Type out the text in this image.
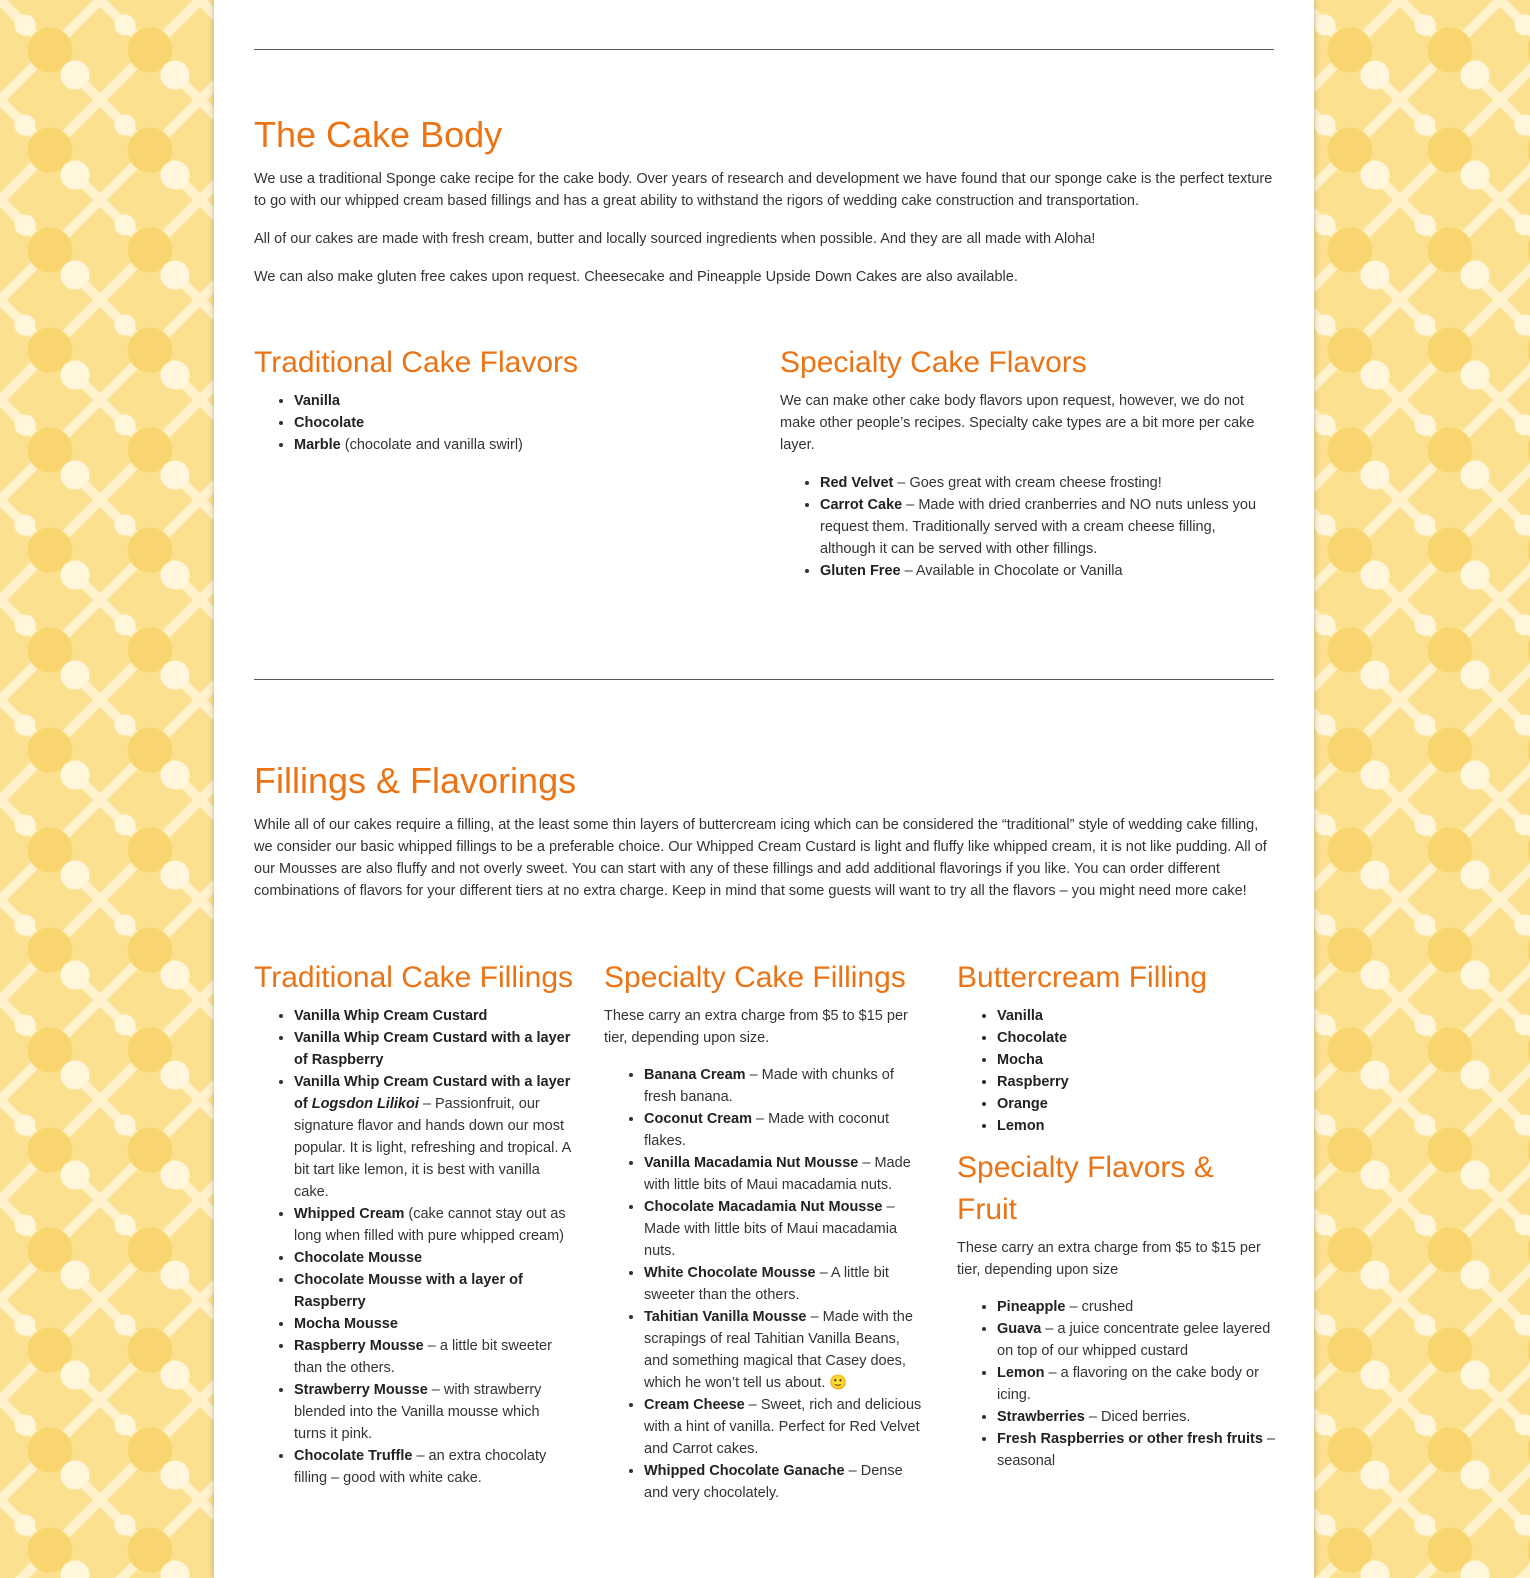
The Cake Body

We use a traditional Sponge cake recipe for the cake body. Over years of research and development we have found that our sponge cake is the perfect texture to go with our whipped cream based fillings and has a great ability to withstand the rigors of wedding cake construction and transportation.

All of our cakes are made with fresh cream, butter and locally sourced ingredients when possible. And they are all made with Aloha!

We can also make gluten free cakes upon request. Cheesecake and Pineapple Upside Down Cakes are also available.

Traditional Cake Flavors
• Vanilla
• Chocolate
• Marble (chocolate and vanilla swirl)
Specialty Cake Flavors

We can make other cake body flavors upon request, however, we do not make other people’s recipes. Specialty cake types are a bit more per cake layer.

• Red Velvet – Goes great with cream cheese frosting!
• Carrot Cake – Made with dried cranberries and NO nuts unless you request them. Traditionally served with a cream cheese filling, although it can be served with other fillings.
• Gluten Free – Available in Chocolate or Vanilla
Fillings & Flavorings

While all of our cakes require a filling, at the least some thin layers of buttercream icing which can be considered the “traditional” style of wedding cake filling, we consider our basic whipped fillings to be a preferable choice. Our Whipped Cream Custard is light and fluffy like whipped cream, it is not like pudding. All of our Mousses are also fluffy and not overly sweet. You can start with any of these fillings and add additional flavorings if you like. You can order different combinations of flavors for your different tiers at no extra charge. Keep in mind that some guests will want to try all the flavors – you might need more cake!

Traditional Cake Fillings
• Vanilla Whip Cream Custard
• Vanilla Whip Cream Custard with a layer of Raspberry
• Vanilla Whip Cream Custard with a layer of Logsdon Lilikoi – Passionfruit, our signature flavor and hands down our most popular. It is light, refreshing and tropical. A bit tart like lemon, it is best with vanilla cake.
• Whipped Cream (cake cannot stay out as long when filled with pure whipped cream)
• Chocolate Mousse
• Chocolate Mousse with a layer of Raspberry
• Mocha Mousse
• Raspberry Mousse – a little bit sweeter than the others.
• Strawberry Mousse – with strawberry blended into the Vanilla mousse which turns it pink.
• Chocolate Truffle – an extra chocolaty filling – good with white cake.
Specialty Cake Fillings

These carry an extra charge from $5 to $15 per tier, depending upon size.

• Banana Cream – Made with chunks of fresh banana.
• Coconut Cream – Made with coconut flakes.
• Vanilla Macadamia Nut Mousse – Made with little bits of Maui macadamia nuts.
• Chocolate Macadamia Nut Mousse – Made with little bits of Maui macadamia nuts.
• White Chocolate Mousse – A little bit sweeter than the others.
• Tahitian Vanilla Mousse – Made with the scrapings of real Tahitian Vanilla Beans, and something magical that Casey does, which he won’t tell us about. 🙂
• Cream Cheese – Sweet, rich and delicious with a hint of vanilla. Perfect for Red Velvet and Carrot cakes.
• Whipped Chocolate Ganache – Dense and very chocolately.
Buttercream Filling
• Vanilla
• Chocolate
• Mocha
• Raspberry
• Orange
• Lemon
Specialty Flavors & Fruit

These carry an extra charge from $5 to $15 per tier, depending upon size

• Pineapple – crushed
• Guava – a juice concentrate gelee layered on top of our whipped custard
• Lemon – a flavoring on the cake body or icing.
• Strawberries – Diced berries.
• Fresh Raspberries or other fresh fruits – seasonal
